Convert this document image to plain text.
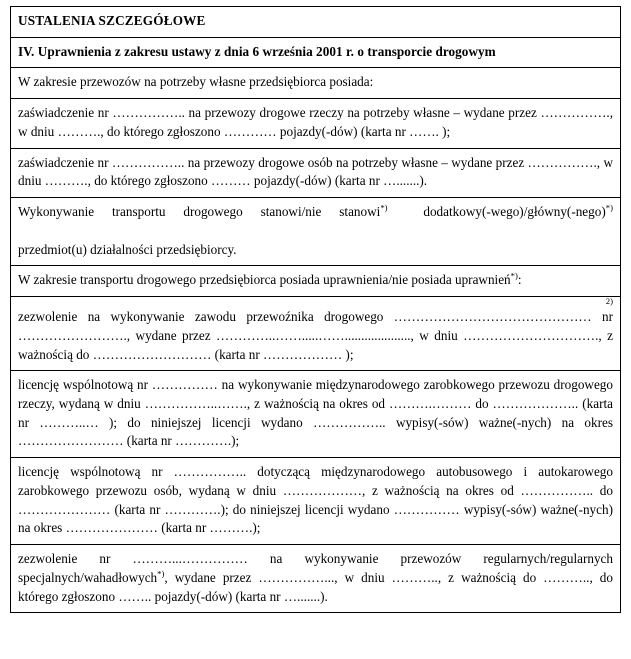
USTALENIA SZCZEGÓŁOWE
IV. Uprawnienia z zakresu ustawy z dnia 6 września 2001 r. o transporcie drogowym

W zakresie przewozów na potrzeby własne przedsiębiorca posiada:

zaświadczenie nr …………….. na przewozy drogowe rzeczy na potrzeby własne – wydane przez ……………., w dniu ………., do którego zgłoszono ………… pojazdy(-dów) (karta nr ……. );

zaświadczenie nr …………….. na przewozy drogowe osób na potrzeby własne – wydane przez ……………., w dniu ………., do którego zgłoszono ……… pojazdy(-dów) (karta nr ….......).

Wykonywanie transportu drogowego stanowi/nie stanowi*)	dodatkowy(-wego)/główny(-nego)*)

przedmiot(u) działalności przedsiębiorcy.

W zakresie transportu drogowego przedsiębiorca posiada uprawnienia/nie posiada uprawnień*):

2)

zezwolenie na wykonywanie zawodu przewoźnika drogowego ……………………………………… nr ……………………., wydane przez …………..…….....……...................., w dniu …………………………., z ważnością do ……………………… (karta nr ……………… );

licencję wspólnotową nr …………… na wykonywanie międzynarodowego zarobkowego przewozu drogowego rzeczy, wydaną w dniu ……………..……., z ważnością na okres od ……….……… do ……………….. (karta nr ………..… ); do niniejszej licencji wydano …………….. wypisy(-sów) ważne(-nych) na okres …………………… (karta nr ………….);

licencję wspólnotową nr …………….. dotyczącą międzynarodowego autobusowego i autokarowego zarobkowego przewozu osób, wydaną w dniu ………………, z ważnością na okres od …………….. do ………………… (karta nr ………….); do niniejszej licencji wydano …………… wypisy(-sów) ważne(-nych) na okres ………………… (karta nr ……….);

zezwolenie nr ………...…………… na wykonywanie przewozów regularnych/regularnych specjalnych/wahadłowych*), wydane przez ……………..., w dniu ……….., z ważnością do ……….., do którego zgłoszono …….. pojazdy(-dów) (karta nr ….......).
